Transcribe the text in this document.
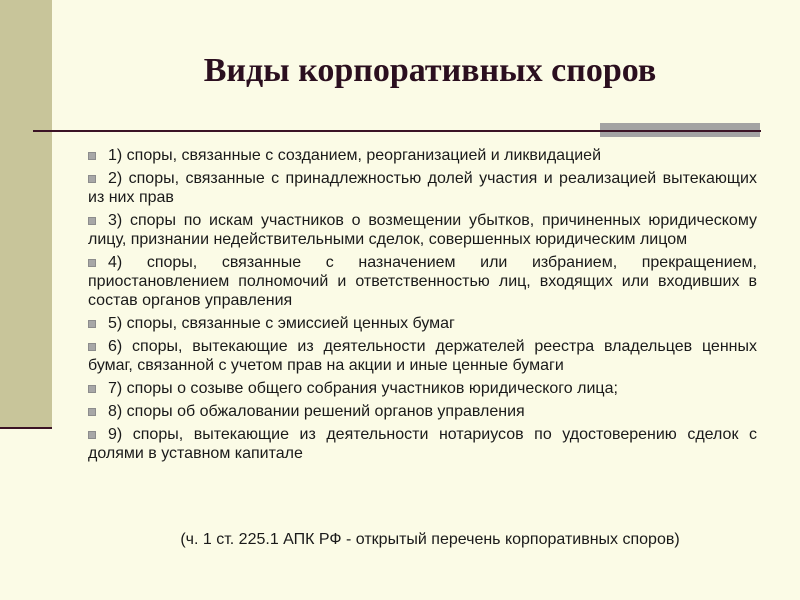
Виды корпоративных споров
1) споры, связанные с созданием, реорганизацией и ликвидацией
2) споры, связанные с принадлежностью долей участия и реализацией вытекающих из них прав
3) споры по искам участников о возмещении убытков, причиненных юридическому лицу, признании недействительными сделок, совершенных юридическим лицом
4) споры, связанные с назначением или избранием, прекращением, приостановлением полномочий и ответственностью лиц, входящих или входивших в состав органов управления
5) споры, связанные с эмиссией ценных бумаг
6) споры, вытекающие из деятельности держателей реестра владельцев ценных бумаг, связанной с учетом прав на акции и иные ценные бумаги
7) споры о созыве общего собрания участников юридического лица;
8) споры об обжаловании решений органов управления
9) споры, вытекающие из деятельности нотариусов по удостоверению сделок с долями в уставном капитале

(ч. 1 ст. 225.1 АПК РФ - открытый перечень корпоративных споров)
